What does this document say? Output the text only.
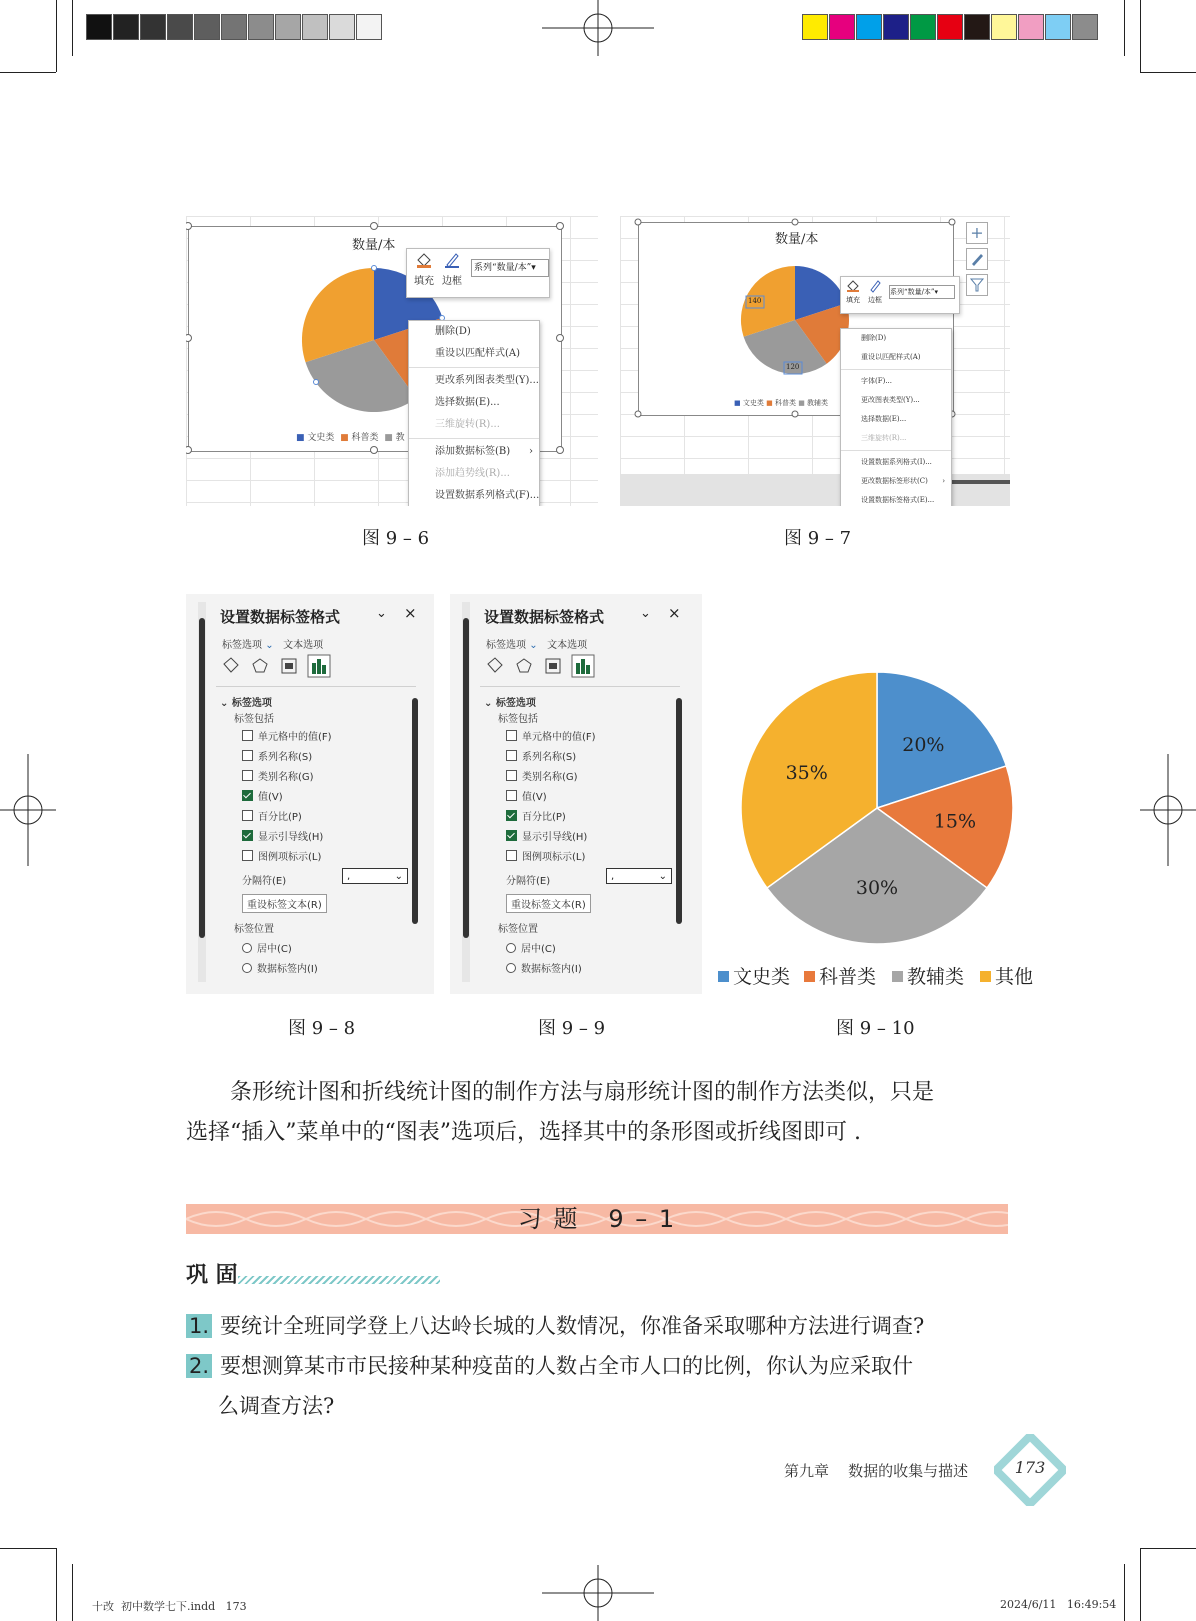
数量/本
■ 文史类 ■ 科普类 ■ 教
填充 边框
系列“数量/本”▾
删除(D)
重设以匹配样式(A)
更改系列图表类型(Y)...
选择数据(E)...
三维旋转(R)...
添加数据标签(B) ›
添加趋势线(R)...
设置数据系列格式(F)...
图 9 – 6
数量/本
140
120
■ 文史类 ■ 科普类 ■ 教辅类
+
填充 边框
系列“数量/本”▾
删除(D)
重设以匹配样式(A)
字体(F)...
更改图表类型(Y)...
选择数据(E)...
三维旋转(R)...
设置数据系列格式(I)...
更改数据标签形状(C) ›
设置数据标签格式(E)...
图 9 – 7
设置数据标签格式	⌄ ×
标签选项 ⌄ 文本选项
⌄ 标签选项
标签包括
单元格中的值(F)
系列名称(S)
类别名称(G)
值(V)
百分比(P)
显示引导线(H)
图例项标示(L)
分隔符(E)	,	⌄
重设标签文本(R)
标签位置
居中(C)
数据标签内(I)
图 9 – 8
设置数据标签格式	⌄ ×
标签选项 ⌄ 文本选项
⌄ 标签选项
标签包括
单元格中的值(F)
系列名称(S)
类别名称(G)
值(V)
百分比(P)
显示引导线(H)
图例项标示(L)
分隔符(E)	,	⌄
重设标签文本(R)
标签位置
居中(C)
数据标签内(I)
图 9 – 9
20%
15%
30%
35%
文史类 科普类 教辅类 其他
图 9 – 10
条形统计图和折线统计图的制作方法与扇形统计图的制作方法类似，只是
选择“插入”菜单中的“图表”选项后，选择其中的条形图或折线图即可 .
习 题   9 – 1
巩 固
1. 要统计全班同学登上八达岭长城的人数情况，你准备采取哪种方法进行调查?
2. 要想测算某市市民接种某种疫苗的人数占全市人口的比例，你认为应采取什
么调查方法?
第九章    数据的收集与描述	173
十改  初中数学七下.indd   173	2024/6/11   16:49:54
